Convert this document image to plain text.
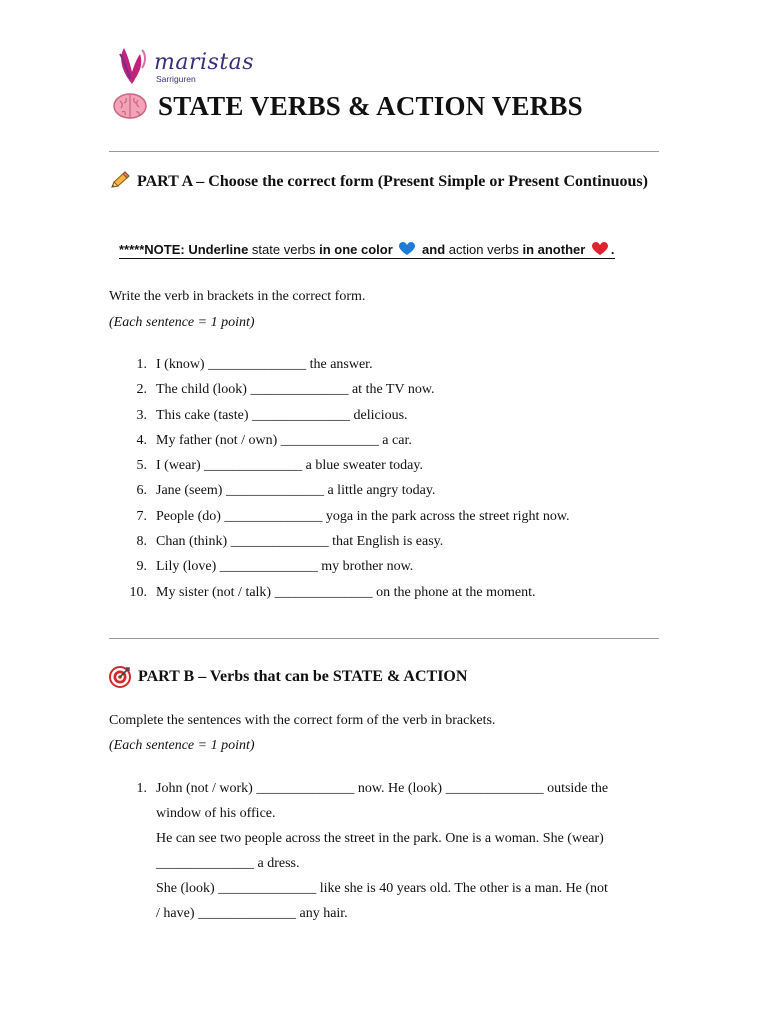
maristas
Sarriguren
STATE VERBS & ACTION VERBS
PART A – Choose the correct form (Present Simple or Present Continuous)
*****NOTE: Underline state verbs in one color  and action verbs in another .
Write the verb in brackets in the correct form.
(Each sentence = 1 point)
1. I (know) ______________ the answer.
2. The child (look) ______________ at the TV now.
3. This cake (taste) ______________ delicious.
4. My father (not / own) ______________ a car.
5. I (wear) ______________ a blue sweater today.
6. Jane (seem) ______________ a little angry today.
7. People (do) ______________ yoga in the park across the street right now.
8. Chan (think) ______________ that English is easy.
9. Lily (love) ______________ my brother now.
10. My sister (not / talk) ______________ on the phone at the moment.
PART B – Verbs that can be STATE & ACTION
Complete the sentences with the correct form of the verb in brackets.
(Each sentence = 1 point)
1. John (not / work) ______________ now. He (look) ______________ outside the

window of his office.

He can see two people across the street in the park. One is a woman. She (wear)

______________ a dress.

She (look) ______________ like she is 40 years old. The other is a man. He (not

/ have) ______________ any hair.
